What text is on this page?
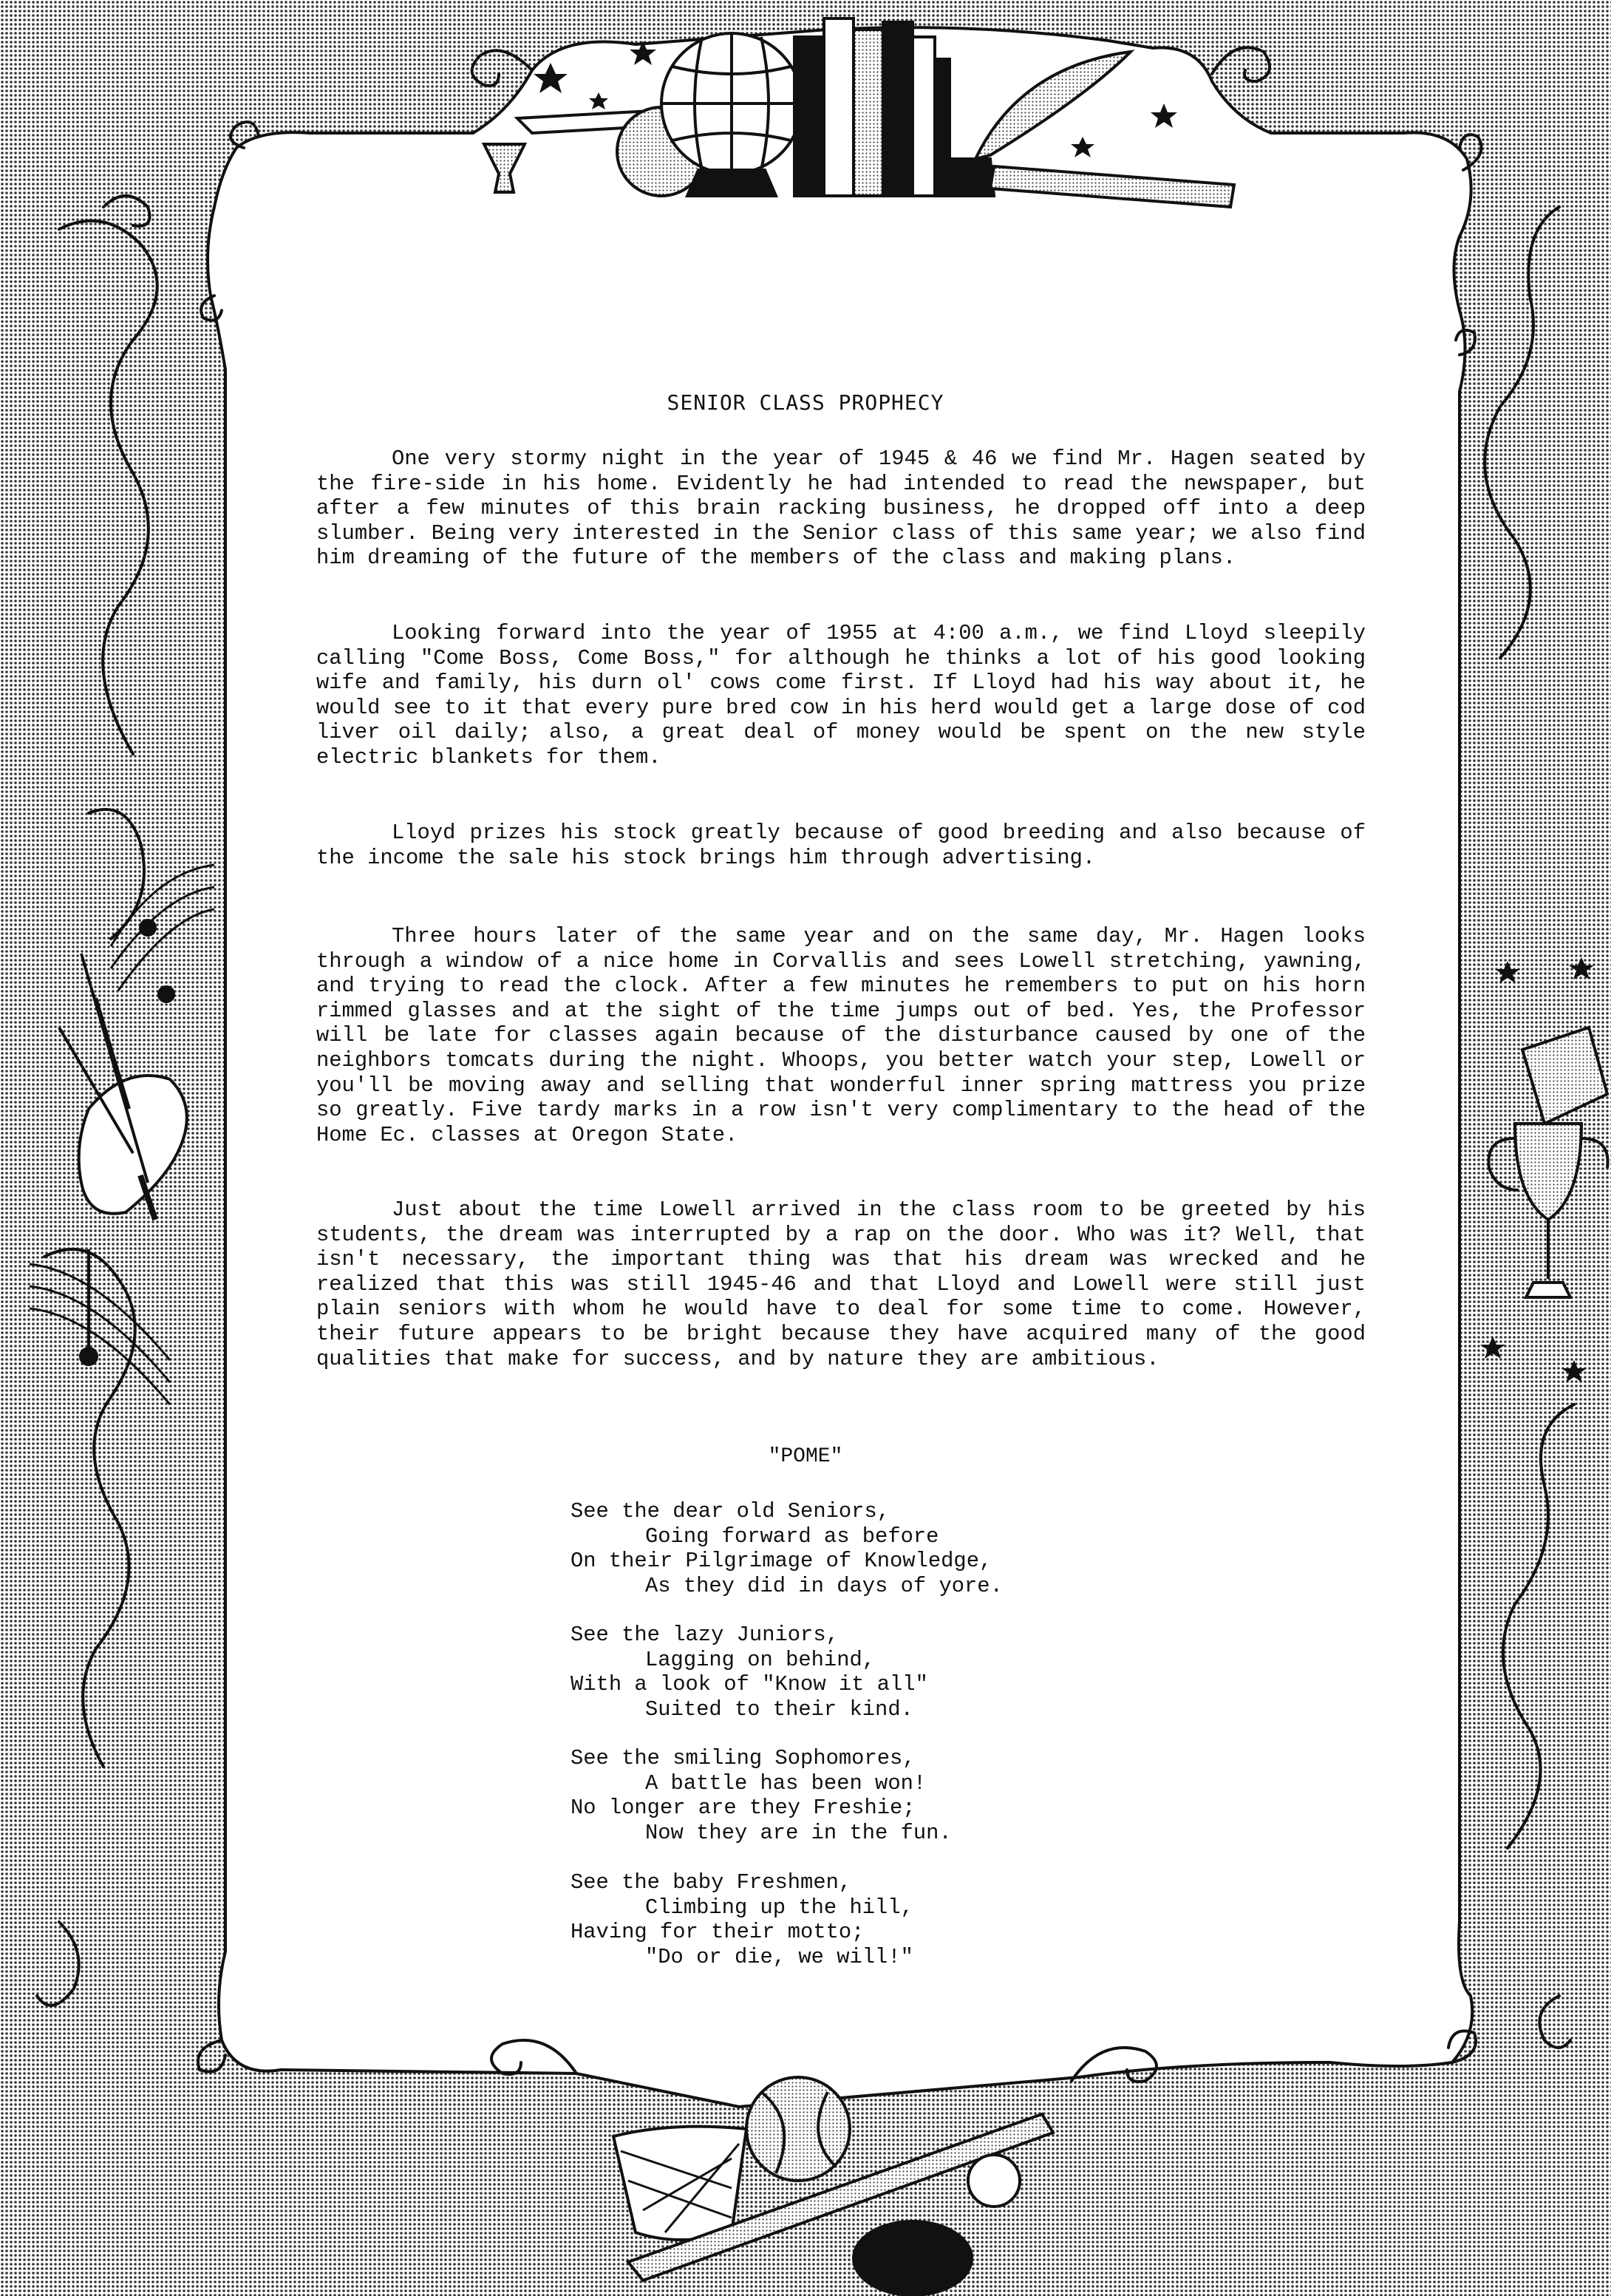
SENIOR CLASS PROPHECY

One very stormy night in the year of 1945 & 46 we find Mr. Hagen seated by the fire-side in his home. Evidently he had intended to read the newspaper, but after a few minutes of this brain racking business, he dropped off into a deep slumber. Being very interested in the Senior class of this same year; we also find him dreaming of the future of the members of the class and making plans.

Looking forward into the year of 1955 at 4:00 a.m., we find Lloyd sleepily calling "Come Boss, Come Boss," for although he thinks a lot of his good looking wife and family, his durn ol' cows come first. If Lloyd had his way about it, he would see to it that every pure bred cow in his herd would get a large dose of cod liver oil daily; also, a great deal of money would be spent on the new style electric blankets for them.

Lloyd prizes his stock greatly because of good breeding and also because of the income the sale his stock brings him through advertising.

Three hours later of the same year and on the same day, Mr. Hagen looks through a window of a nice home in Corvallis and sees Lowell stretching, yawning, and trying to read the clock. After a few minutes he remembers to put on his horn rimmed glasses and at the sight of the time jumps out of bed. Yes, the Professor will be late for classes again because of the disturbance caused by one of the neighbors tomcats during the night. Whoops, you better watch your step, Lowell or you'll be moving away and selling that wonderful inner spring mattress you prize so greatly. Five tardy marks in a row isn't very complimentary to the head of the Home Ec. classes at Oregon State.

Just about the time Lowell arrived in the class room to be greeted by his students, the dream was interrupted by a rap on the door. Who was it? Well, that isn't necessary, the important thing was that his dream was wrecked and he realized that this was still 1945-46 and that Lloyd and Lowell were still just plain seniors with whom he would have to deal for some time to come. However, their future appears to be bright because they have acquired many of the good qualities that make for success, and by nature they are ambitious.

"POME"
See the dear old Seniors,
Going forward as before
On their Pilgrimage of Knowledge,
As they did in days of yore.
See the lazy Juniors,
Lagging on behind,
With a look of "Know it all"
Suited to their kind.
See the smiling Sophomores,
A battle has been won!
No longer are they Freshie;
Now they are in the fun.
See the baby Freshmen,
Climbing up the hill,
Having for their motto;
"Do or die, we will!"
